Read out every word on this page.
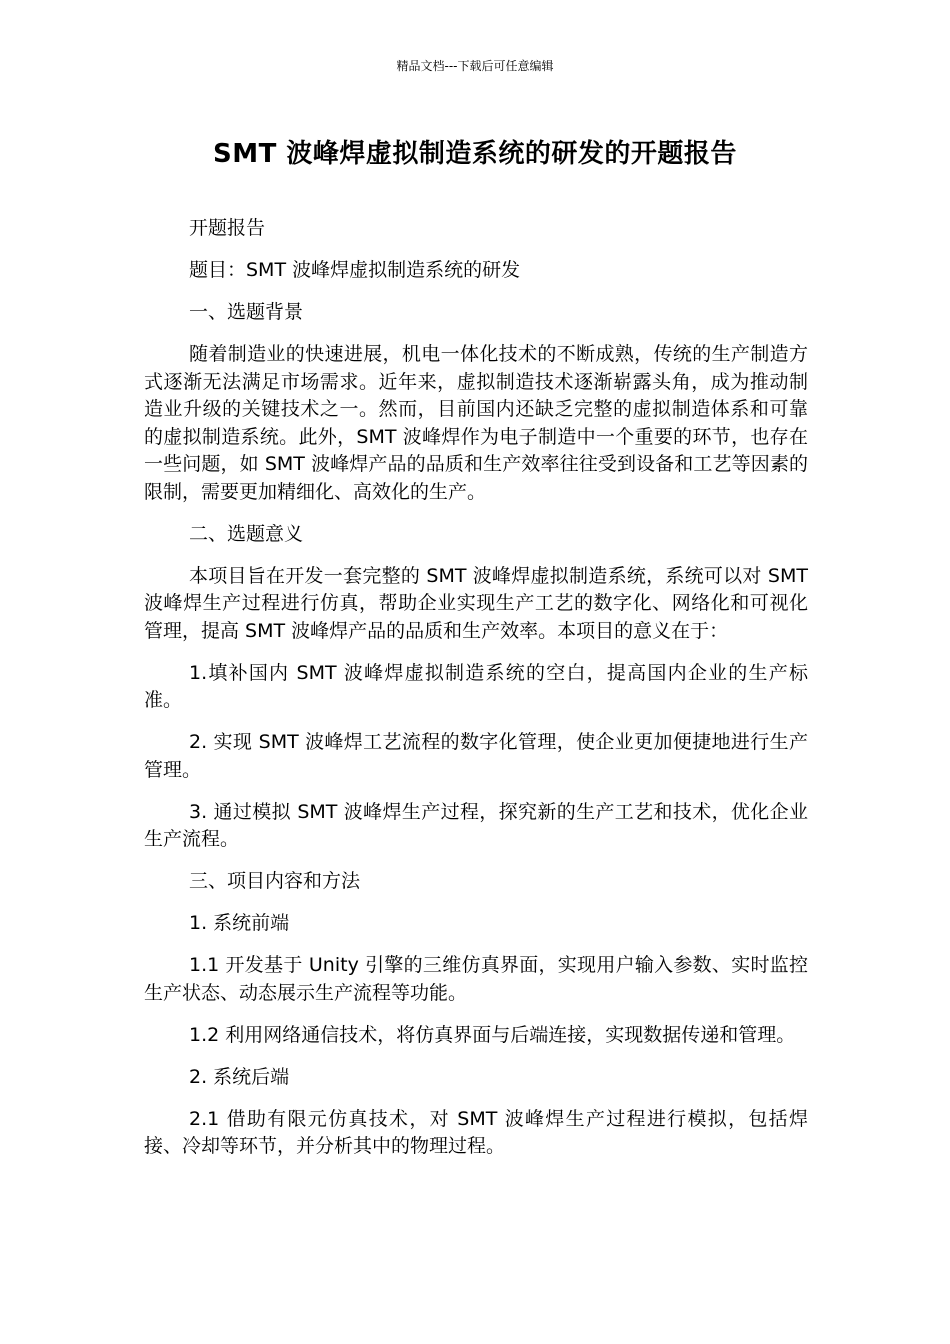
精品文档---下载后可任意编辑
SMT 波峰焊虚拟制造系统的研发的开题报告

开题报告

题目：SMT 波峰焊虚拟制造系统的研发

一、选题背景

随着制造业的快速进展，机电一体化技术的不断成熟，传统的生产制造方式逐渐无法满足市场需求。近年来，虚拟制造技术逐渐崭露头角，成为推动制造业升级的关键技术之一。然而，目前国内还缺乏完整的虚拟制造体系和可靠的虚拟制造系统。此外，SMT 波峰焊作为电子制造中一个重要的环节，也存在一些问题，如 SMT 波峰焊产品的品质和生产效率往往受到设备和工艺等因素的限制，需要更加精细化、高效化的生产。

二、选题意义

本项目旨在开发一套完整的 SMT 波峰焊虚拟制造系统，系统可以对 SMT 波峰焊生产过程进行仿真，帮助企业实现生产工艺的数字化、网络化和可视化管理，提高 SMT 波峰焊产品的品质和生产效率。本项目的意义在于：

1.填补国内 SMT 波峰焊虚拟制造系统的空白，提高国内企业的生产标准。

2. 实现 SMT 波峰焊工艺流程的数字化管理，使企业更加便捷地进行生产管理。

3. 通过模拟 SMT 波峰焊生产过程，探究新的生产工艺和技术，优化企业生产流程。

三、项目内容和方法

1. 系统前端

1.1 开发基于 Unity 引擎的三维仿真界面，实现用户输入参数、实时监控生产状态、动态展示生产流程等功能。

1.2 利用网络通信技术，将仿真界面与后端连接，实现数据传递和管理。

2. 系统后端

2.1 借助有限元仿真技术，对 SMT 波峰焊生产过程进行模拟，包括焊接、冷却等环节，并分析其中的物理过程。
